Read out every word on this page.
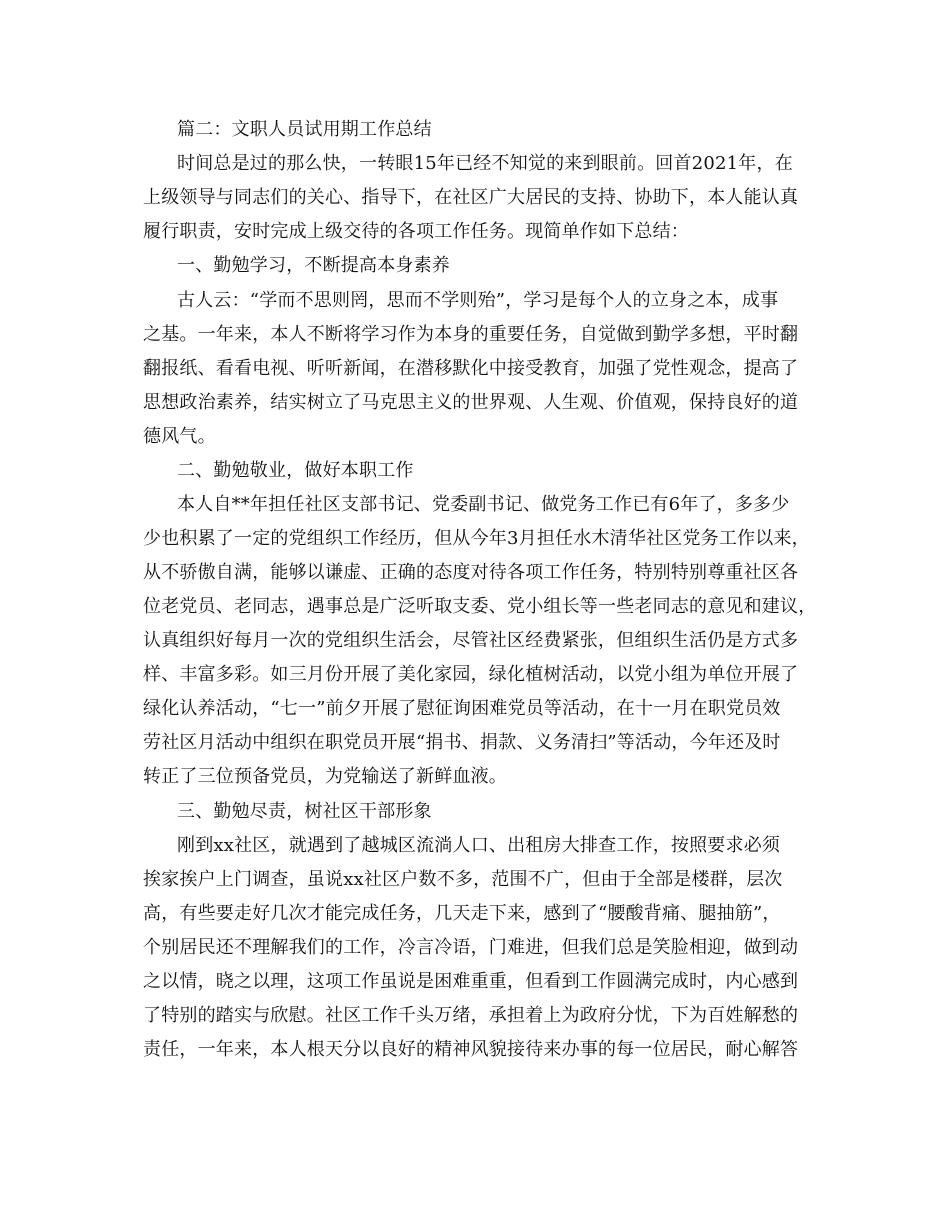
篇二：文职人员试用期工作总结
时间总是过的那么快，一转眼15年已经不知觉的来到眼前。回首2021年，在
上级领导与同志们的关心、指导下，在社区广大居民的支持、协助下，本人能认真
履行职责，安时完成上级交待的各项工作任务。现简单作如下总结：
一、勤勉学习，不断提高本身素养
古人云：“学而不思则罔，思而不学则殆”，学习是每个人的立身之本，成事
之基。一年来，本人不断将学习作为本身的重要任务，自觉做到勤学多想，平时翻
翻报纸、看看电视、听听新闻，在潜移默化中接受教育，加强了党性观念，提高了
思想政治素养，结实树立了马克思主义的世界观、人生观、价值观，保持良好的道
德风气。
二、勤勉敬业，做好本职工作
本人自**年担任社区支部书记、党委副书记、做党务工作已有6年了，多多少
少也积累了一定的党组织工作经历，但从今年3月担任水木清华社区党务工作以来，
从不骄傲自满，能够以谦虚、正确的态度对待各项工作任务，特别特别尊重社区各
位老党员、老同志，遇事总是广泛听取支委、党小组长等一些老同志的意见和建议，
认真组织好每月一次的党组织生活会，尽管社区经费紧张，但组织生活仍是方式多
样、丰富多彩。如三月份开展了美化家园，绿化植树活动，以党小组为单位开展了
绿化认养活动，“七一”前夕开展了慰征询困难党员等活动，在十一月在职党员效
劳社区月活动中组织在职党员开展“捐书、捐款、义务清扫”等活动，今年还及时
转正了三位预备党员，为党输送了新鲜血液。
三、勤勉尽责，树社区干部形象
刚到xx社区，就遇到了越城区流淌人口、出租房大排查工作，按照要求必须
挨家挨户上门调查，虽说xx社区户数不多，范围不广，但由于全部是楼群，层次
高，有些要走好几次才能完成任务，几天走下来，感到了“腰酸背痛、腿抽筋”，
个别居民还不理解我们的工作，冷言冷语，门难进，但我们总是笑脸相迎，做到动
之以情，晓之以理，这项工作虽说是困难重重，但看到工作圆满完成时，内心感到
了特别的踏实与欣慰。社区工作千头万绪，承担着上为政府分忧，下为百姓解愁的
责任，一年来，本人根天分以良好的精神风貌接待来办事的每一位居民，耐心解答
